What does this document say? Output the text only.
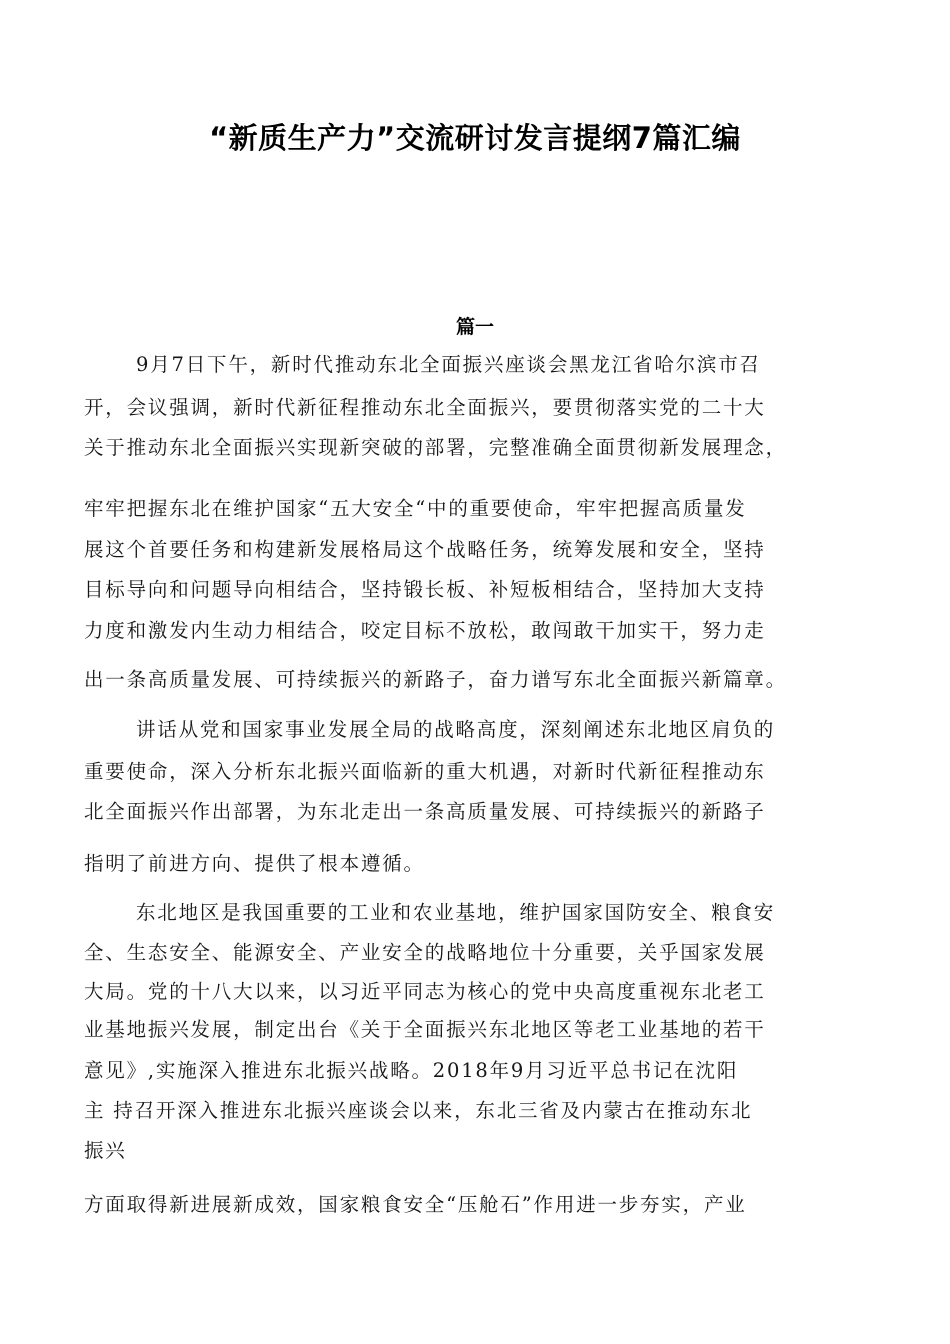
“新质生产力”交流研讨发言提纲7篇汇编
篇一
9月7日下午，新时代推动东北全面振兴座谈会黑龙江省哈尔滨市召
开，会议强调，新时代新征程推动东北全面振兴，要贯彻落实党的二十大
关于推动东北全面振兴实现新突破的部署，完整准确全面贯彻新发展理念，
牢牢把握东北在维护国家“五大安全“中的重要使命，牢牢把握高质量发
展这个首要任务和构建新发展格局这个战略任务，统筹发展和安全，坚持
目标导向和问题导向相结合，坚持锻长板、补短板相结合，坚持加大支持
力度和激发内生动力相结合，咬定目标不放松，敢闯敢干加实干，努力走
出一条高质量发展、可持续振兴的新路子，奋力谱写东北全面振兴新篇章。
讲话从党和国家事业发展全局的战略高度，深刻阐述东北地区肩负的
重要使命，深入分析东北振兴面临新的重大机遇，对新时代新征程推动东
北全面振兴作出部署，为东北走出一条高质量发展、可持续振兴的新路子
指明了前进方向、提供了根本遵循。
东北地区是我国重要的工业和农业基地，维护国家国防安全、粮食安
全、生态安全、能源安全、产业安全的战略地位十分重要，关乎国家发展
大局。党的十八大以来，以习近平同志为核心的党中央高度重视东北老工
业基地振兴发展，制定出台《关于全面振兴东北地区等老工业基地的若干
意见》,实施深入推进东北振兴战略。2018年9月习近平总书记在沈阳
主 持召开深入推进东北振兴座谈会以来，东北三省及内蒙古在推动东北
振兴
方面取得新进展新成效，国家粮食安全“压舱石”作用进一步夯实，产业
